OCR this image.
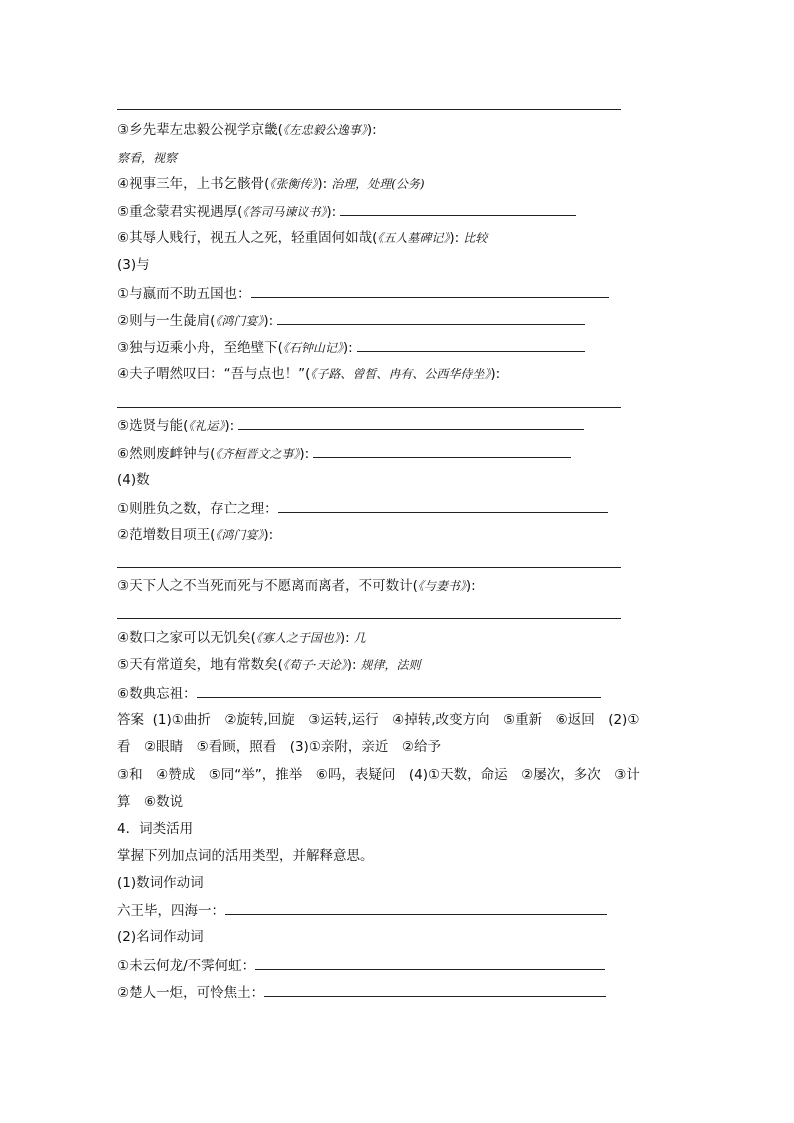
③乡先辈左忠毅公视学京畿(《左忠毅公逸事》):
察看，视察
④视事三年，上书乞骸骨(《张衡传》): 治理，处理(公务)
⑤重念蒙君实视遇厚(《答司马谏议书》):
⑥其辱人贱行，视五人之死，轻重固何如哉(《五人墓碑记》): 比较
(3)与
①与嬴而不助五国也：
②则与一生彘肩(《鸿门宴》):
③独与迈乘小舟，至绝壁下(《石钟山记》):
④夫子喟然叹曰：“吾与点也！”(《子路、曾皙、冉有、公西华侍坐》):
⑤选贤与能(《礼运》):
⑥然则废衅钟与(《齐桓晋文之事》):
(4)数
①则胜负之数，存亡之理：
②范增数目项王(《鸿门宴》):
③天下人之不当死而死与不愿离而离者，不可数计(《与妻书》):
④数口之家可以无饥矣(《寡人之于国也》): 几
⑤天有常道矣，地有常数矣(《荀子·天论》): 规律，法则
⑥数典忘祖：
答案 (1)①曲折　②旋转,回旋　③运转,运行　④掉转,改变方向　⑤重新　⑥返回　(2)①
看　②眼睛　⑤看顾，照看　(3)①亲附，亲近　②给予
③和　④赞成　⑤同“举”，推举　⑥吗，表疑问　(4)①天数，命运　②屡次，多次　③计
算　⑥数说
4．词类活用
掌握下列加点词的活用类型，并解释意思。
(1)数词作动词
六王毕，四海一：
(2)名词作动词
①未云何龙/不霁何虹：
②楚人一炬，可怜焦土：
